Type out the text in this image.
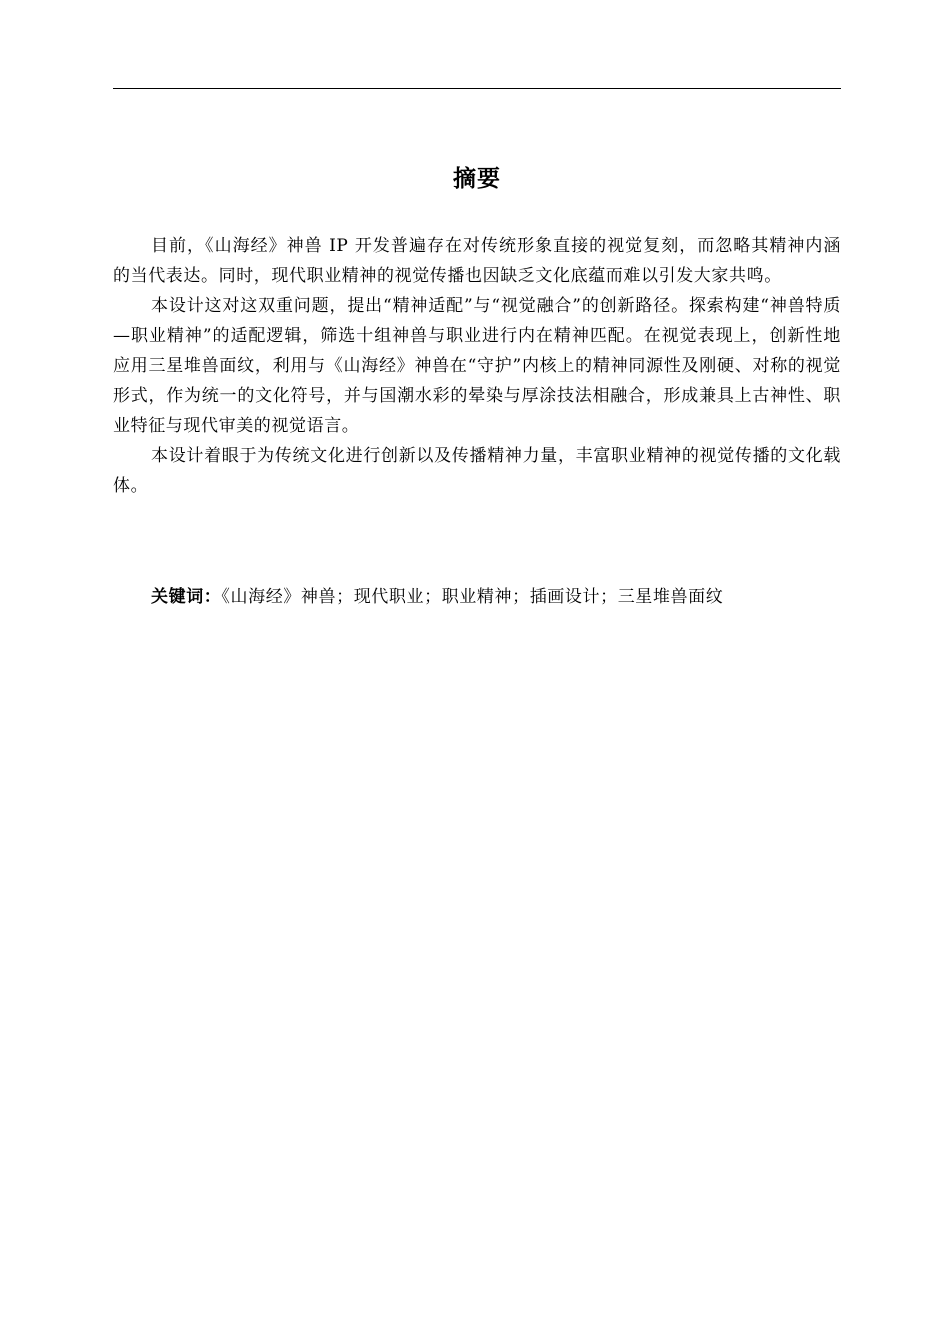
摘要

目前，《山海经》神兽 IP 开发普遍存在对传统形象直接的视觉复刻，而忽略其精神内涵的当代表达。同时，现代职业精神的视觉传播也因缺乏文化底蕴而难以引发大家共鸣。

本设计这对这双重问题，提出“精神适配”与“视觉融合”的创新路径。探索构建“神兽特质—职业精神”的适配逻辑，筛选十组神兽与职业进行内在精神匹配。在视觉表现上，创新性地应用三星堆兽面纹，利用与《山海经》神兽在“守护”内核上的精神同源性及刚硬、对称的视觉形式，作为统一的文化符号，并与国潮水彩的晕染与厚涂技法相融合，形成兼具上古神性、职业特征与现代审美的视觉语言。

本设计着眼于为传统文化进行创新以及传播精神力量，丰富职业精神的视觉传播的文化载体。

关键词：《山海经》神兽；现代职业；职业精神；插画设计；三星堆兽面纹
